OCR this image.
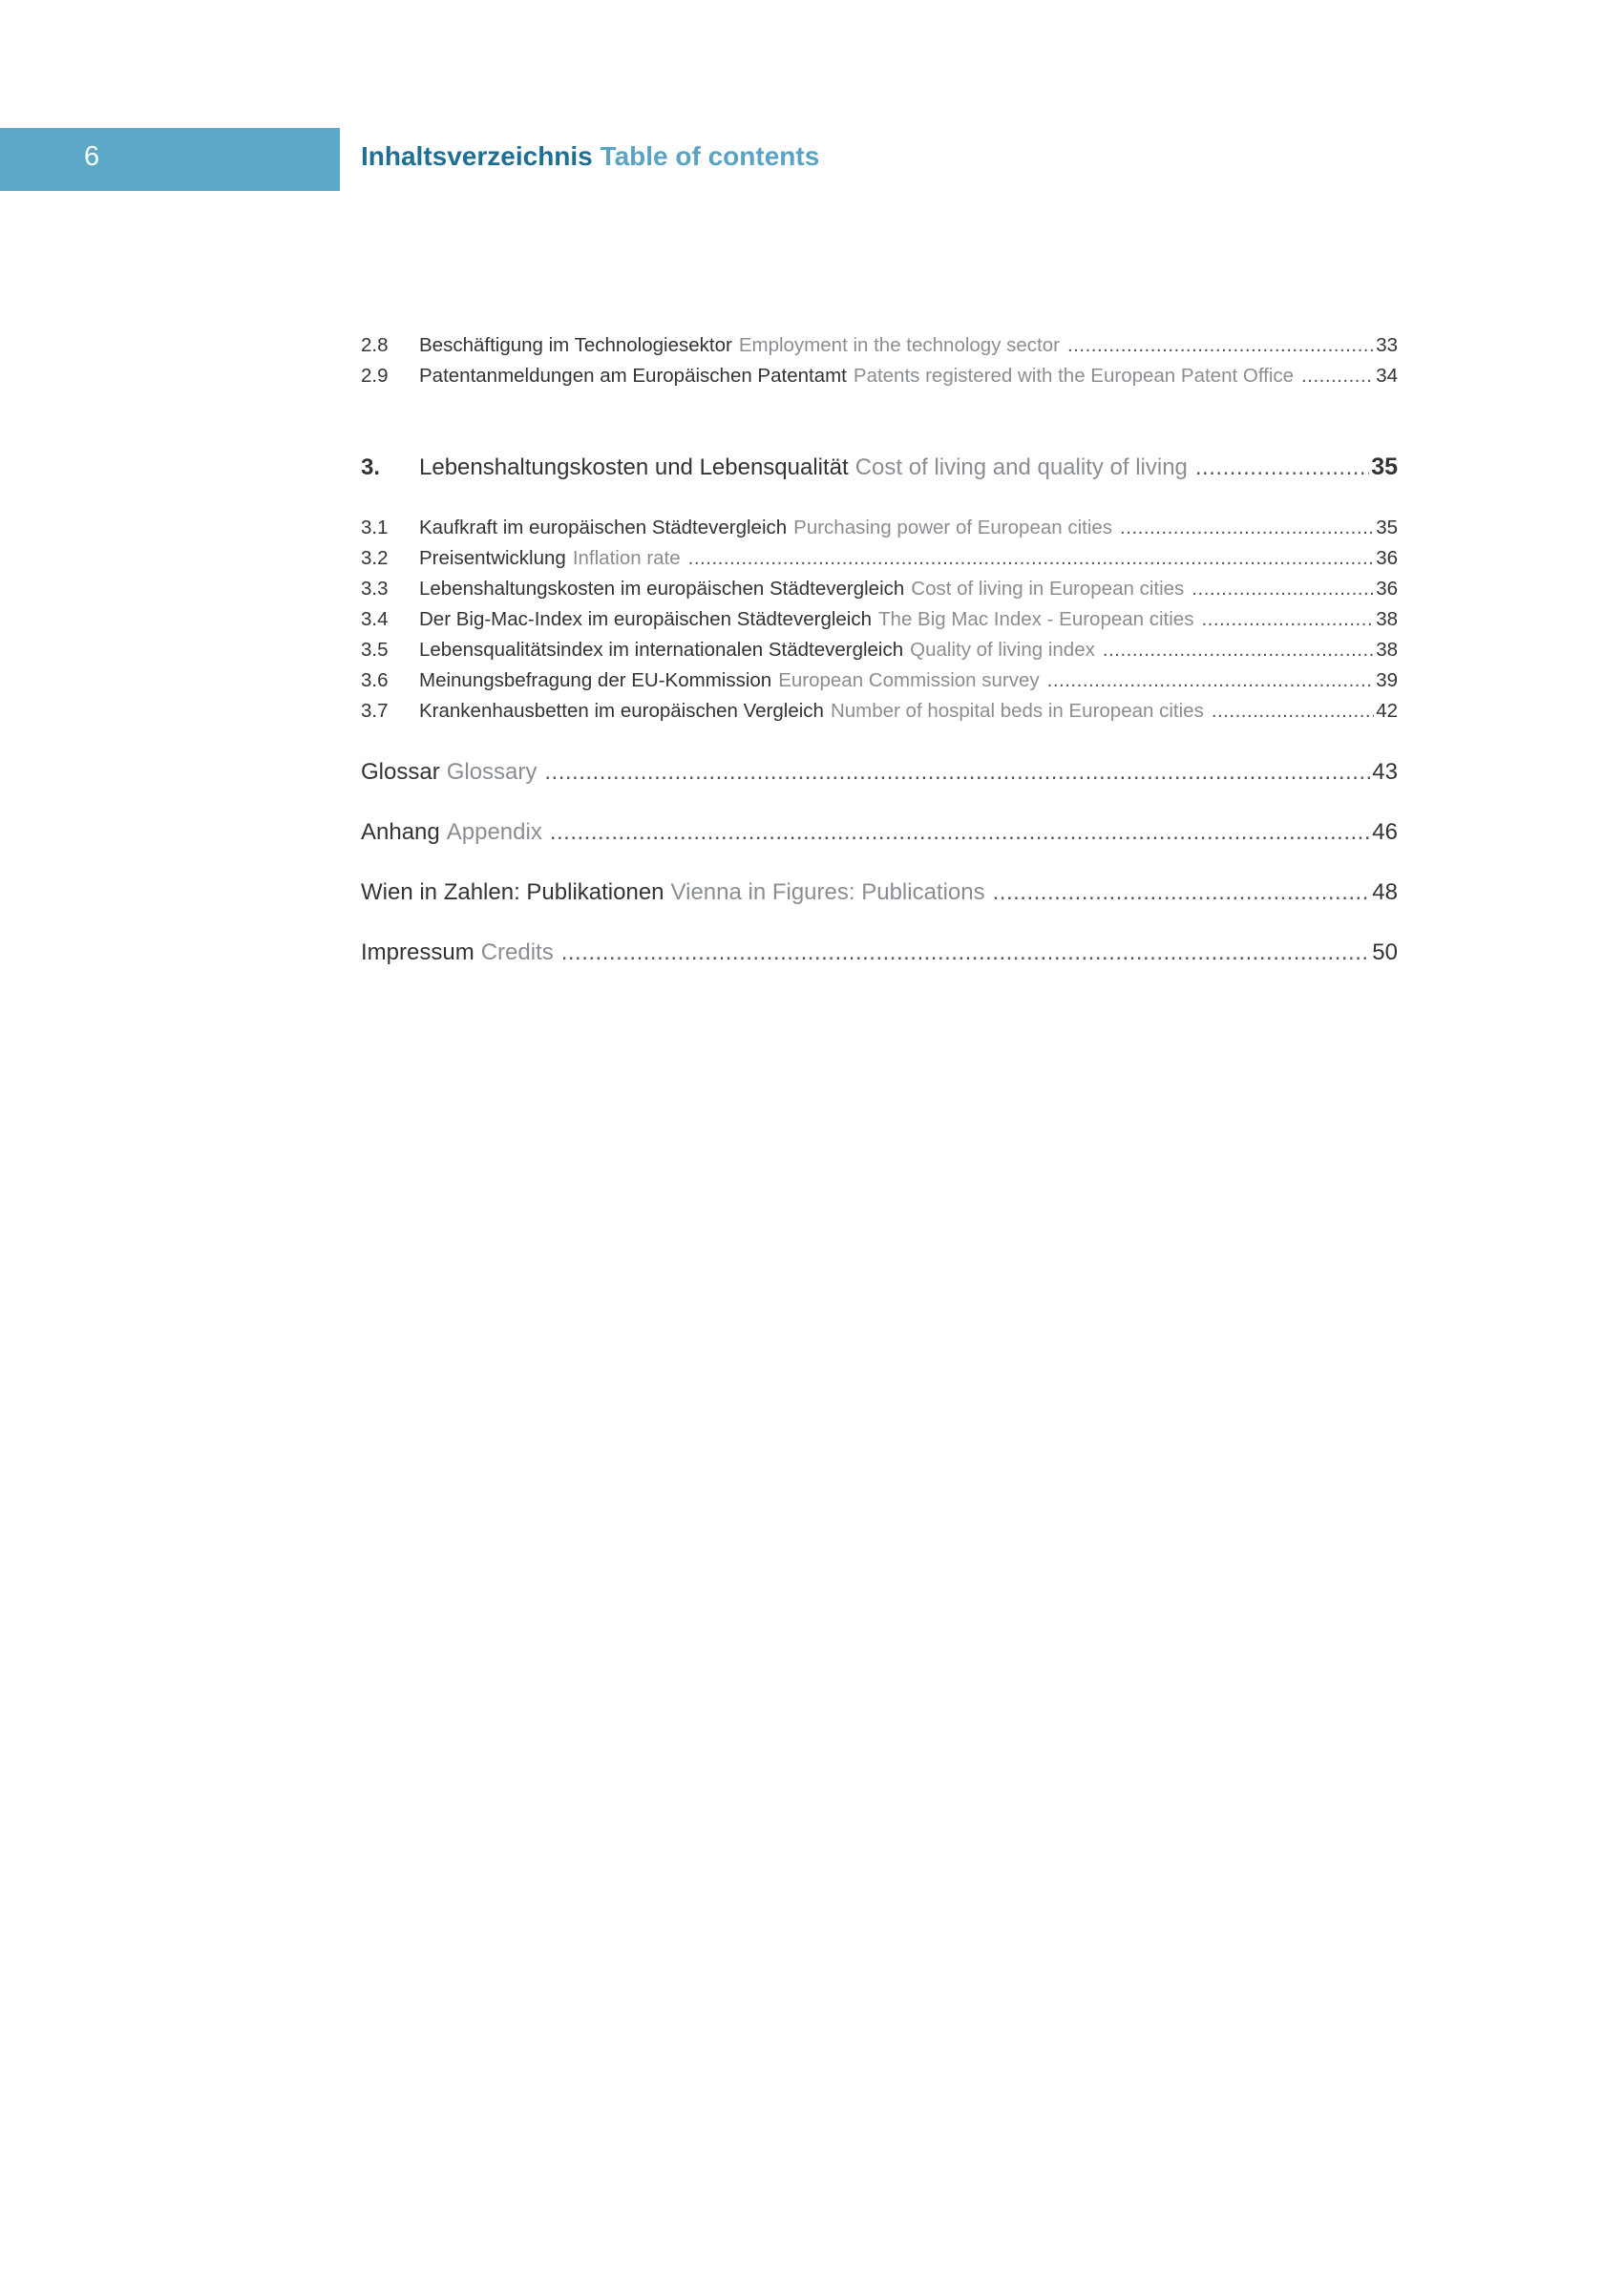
6	Inhaltsverzeichnis Table of contents
2.8	Beschäftigung im Technologiesektor Employment in the technology sector .....	33
2.9	Patentanmeldungen am Europäischen Patentamt Patents registered with the European Patent Office .....	34
3.	Lebenshaltungskosten und Lebensqualität Cost of living and quality of living .....	35
3.1	Kaufkraft im europäischen Städtevergleich Purchasing power of European cities .....	35
3.2	Preisentwicklung Inflation rate .....	36
3.3	Lebenshaltungskosten im europäischen Städtevergleich Cost of living in European cities .....	36
3.4	Der Big-Mac-Index im europäischen Städtevergleich The Big Mac Index - European cities .....	38
3.5	Lebensqualitätsindex im internationalen Städtevergleich Quality of living index .....	38
3.6	Meinungsbefragung der EU-Kommission European Commission survey .....	39
3.7	Krankenhausbetten im europäischen Vergleich Number of hospital beds in European cities .....	42
Glossar Glossary .....	43
Anhang Appendix .....	46
Wien in Zahlen: Publikationen Vienna in Figures: Publications .....	48
Impressum Credits .....	50
